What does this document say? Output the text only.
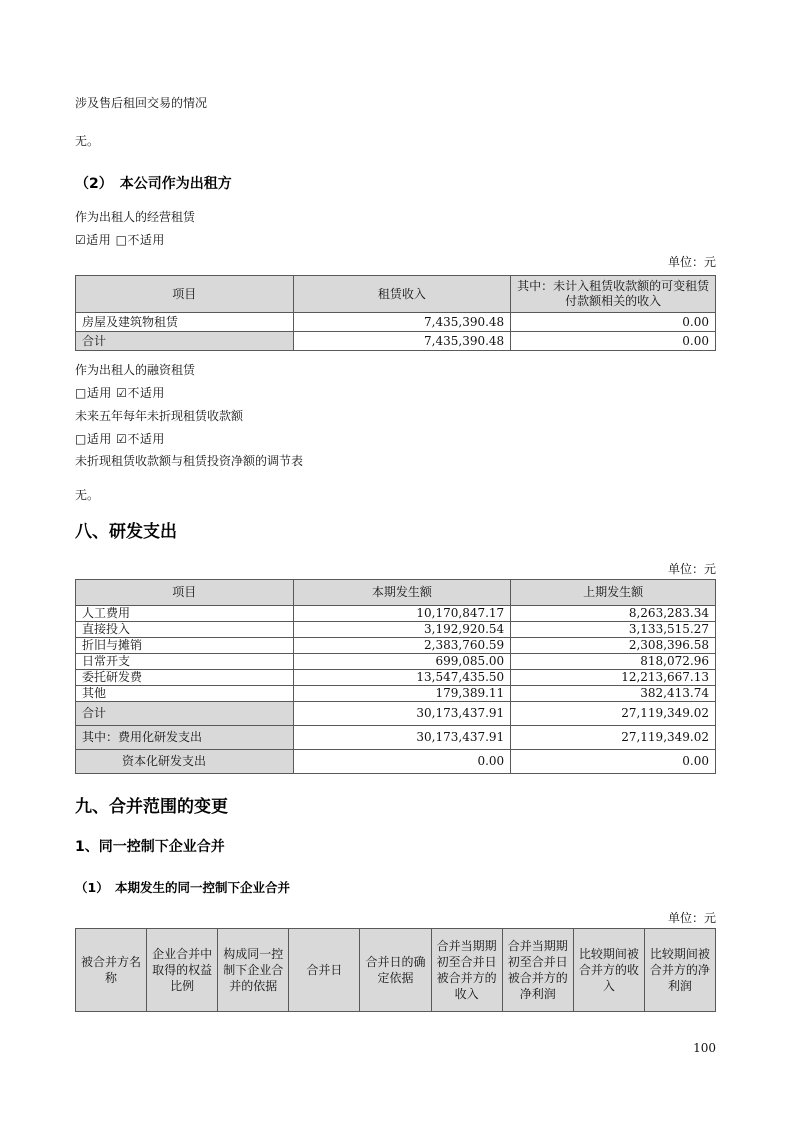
涉及售后租回交易的情况

无。

（2）　本公司作为出租方

作为出租人的经营租赁

☑适用 □不适用

单位：元
项目	租赁收入	其中：未计入租赁收款额的可变租赁付款额相关的收入
房屋及建筑物租赁	7,435,390.48	0.00
合计	7,435,390.48	0.00

作为出租人的融资租赁

□适用 ☑不适用

未来五年每年未折现租赁收款额

□适用 ☑不适用

未折现租赁收款额与租赁投资净额的调节表

无。

八、研发支出
单位：元
项目	本期发生额	上期发生额
人工费用	10,170,847.17	8,263,283.34
直接投入	3,192,920.54	3,133,515.27
折旧与摊销	2,383,760.59	2,308,396.58
日常开支	699,085.00	818,072.96
委托研发费	13,547,435.50	12,213,667.13
其他	179,389.11	382,413.74
合计	30,173,437.91	27,119,349.02
其中：费用化研发支出	30,173,437.91	27,119,349.02
资本化研发支出	0.00	0.00
九、合并范围的变更
1、同一控制下企业合并
（1）　本期发生的同一控制下企业合并
单位：元
被合并方名称	企业合并中取得的权益比例	构成同一控制下企业合并的依据	合并日	合并日的确定依据	合并当期期初至合并日被合并方的收入	合并当期期初至合并日被合并方的净利润	比较期间被合并方的收入	比较期间被合并方的净利润
100
